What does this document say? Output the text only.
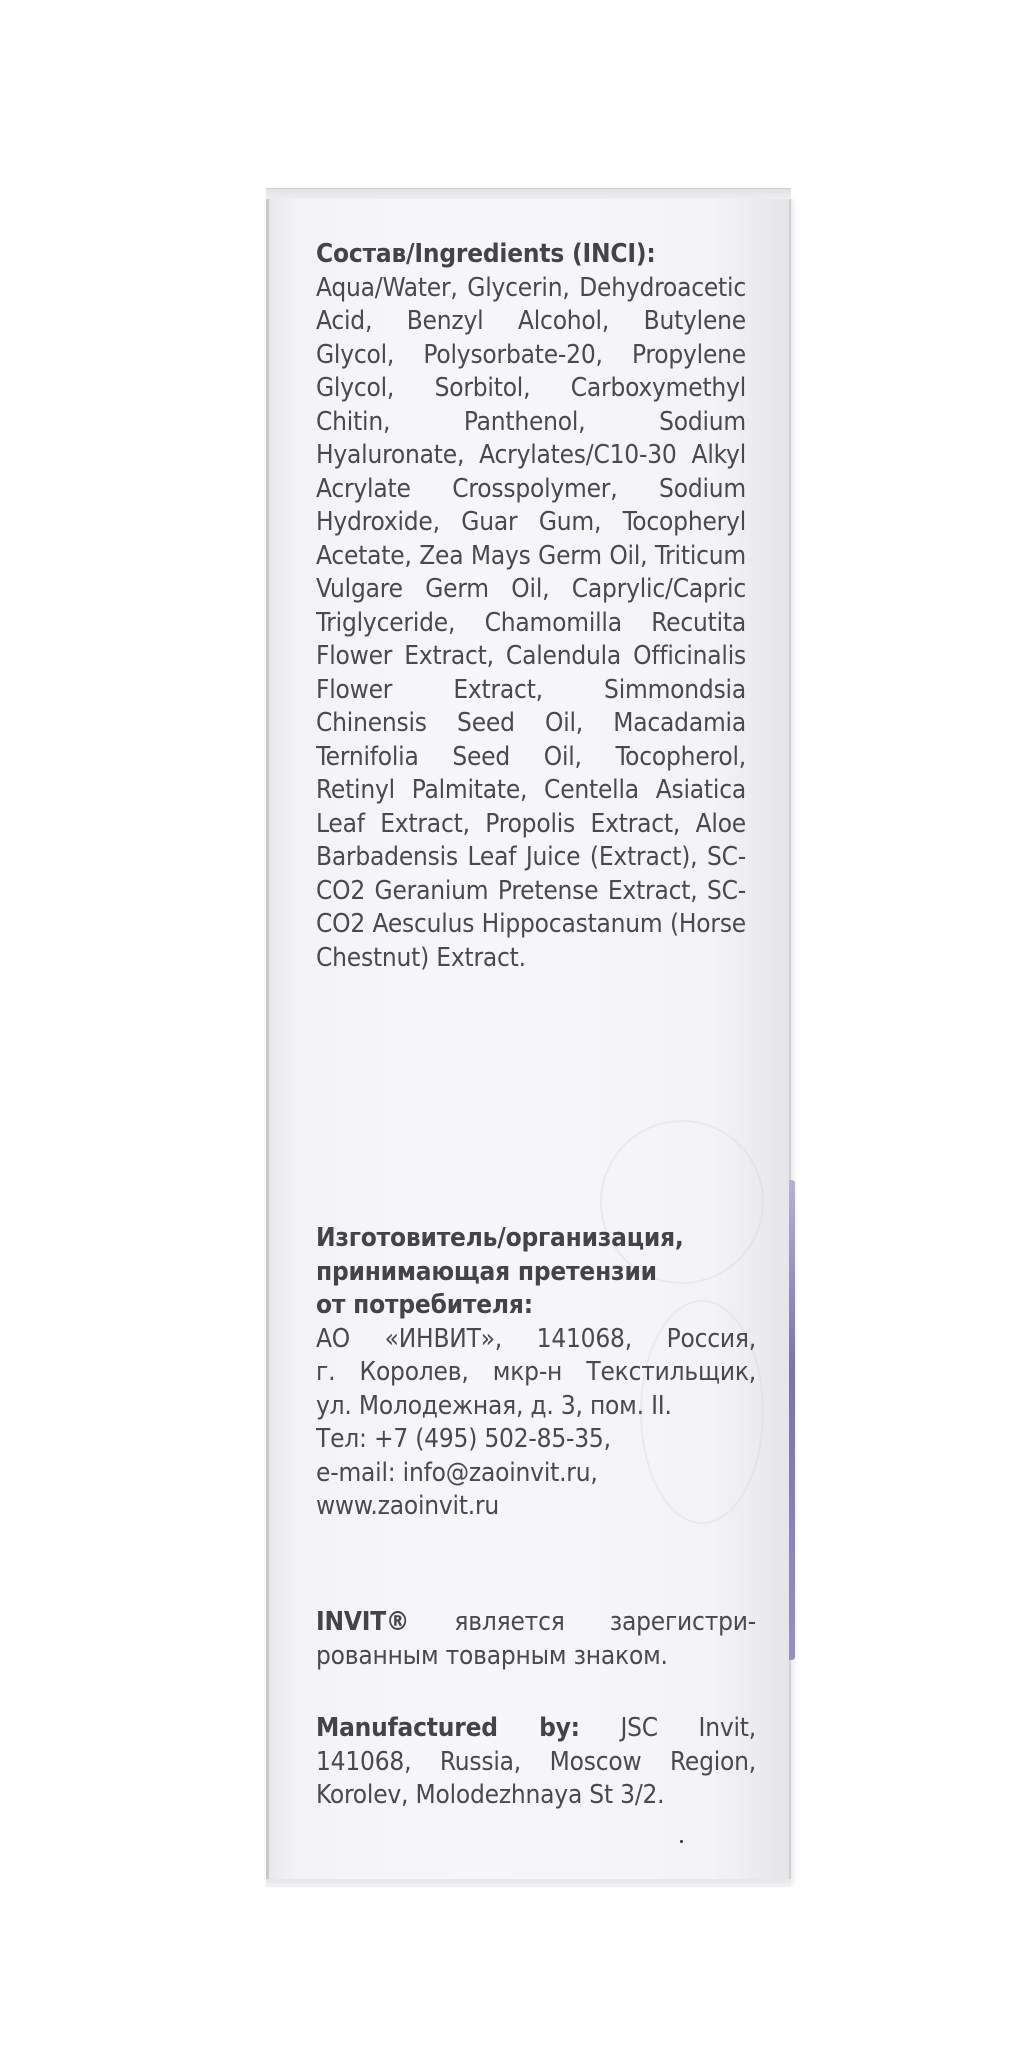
Состав/Ingredients (INCI):
Aqua/Water, Glycerin, Dehydroacetic Acid, Benzyl Alcohol, Butylene Glycol, Polysorbate-20, Propylene Glycol, Sorbitol, Carboxymethyl Chitin, Panthenol, Sodium Hyaluronate, Acrylates/C10-30 Alkyl Acrylate Crosspolymer, Sodium Hydroxide, Guar Gum, Tocopheryl Acetate, Zea Mays Germ Oil, Triticum Vulgare Germ Oil, Caprylic/Capric Triglyceride, Chamomilla Recutita Flower Extract, Calendula Officinalis Flower Extract, Simmondsia Chinensis Seed Oil, Macadamia Ternifolia Seed Oil, Tocopherol, Retinyl Palmitate, Centella Asiatica Leaf Extract, Propolis Extract, Aloe Barbadensis Leaf Juice (Extract), SC-CO2 Geranium Pretense Extract, SC-CO2 Aesculus Hippocastanum (Horse Chestnut) Extract.
Изготовитель/организация,
принимающая претензии
от потребителя:
АО «ИНВИТ», 141068, Россия,
г. Королев, мкр-н Текстильщик,
ул. Молодежная, д. 3, пом. II.
Тел: +7 (495) 502-85-35,
e-mail: info@zaoinvit.ru,
www.zaoinvit.ru
INVIT® является зарегистри-
рованным товарным знаком.
Manufactured by: JSC Invit,
141068, Russia, Moscow Region,
Korolev, Molodezhnaya St 3/2.
